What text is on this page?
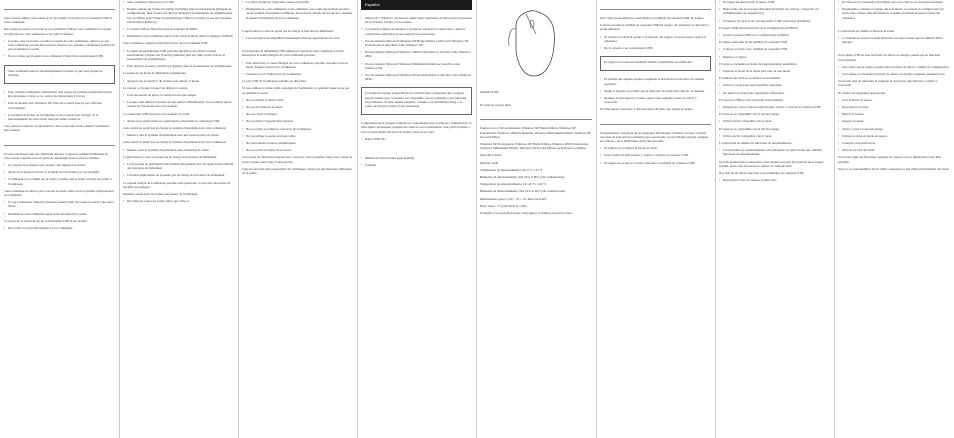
Vous pouvez utiliser cette souris en la raccordant à la borne de raccordement USB de votre ordinateur.

Raccordez-les souris à la borne de raccordement USB de votre ordinateur. La souris est détectée par votre ordinateur et est prête à l'emploi.

• Lorsque vous raccordez ou retirez la souris de votre ordinateur, veillez à ce que votre ordinateur soit mis hors tension. Dans le cas contraire, l'ordinateur pourrait ne pas reconnaître la souris.
• Ne raccordez pas la souris à un ordinateur à l'aide d'un concentrateur USB.

Votre ordinateur détecte automatiquement la souris, ce qui vous permet de l'utiliser.

• Pour certains ordinateurs, l'installation d'un disque de système d'exploitation peut être nécessaire. Dans ce cas, suivez les instructions à l'écran.
• Pour le modèle avec Windows XP, l'état de la souris peut ne pas s'afficher correctement.
• La position de l'icône de l'ordinateur ou de la souris peut changer. Si le fonctionnement de cette souris n'est pas stable, retirez-la.

Vous pouvez connecter ou déconnecter cette souris sans avoir à mettre l'ordinateur hors tension.

Si vous rencontrez l'une des difficultés décrites ci-dessous pendant l'utilisation de votre souris, reportez-vous au guide de dépannage pour trouver la solution.

• Le curseur ne se déplace pas lorsque vous déplacez la souris.
• Après avoir ajouté la souris, le pointeur ne fonctionne pas correctement.
• L'ordinateur ne reconnaît pas la souris. Vérifiez que la souris est bien raccordée à l'ordinateur.

Votre ordinateur ne détecte pas la souris en mode veille ou si le système d'exploitation est redémarré.

• Si votre ordinateur comporte plusieurs bornes USB, raccordez la souris à une autre borne.
• Redémarrez votre ordinateur après avoir déconnecté la souris.

La souris ne se trouve ni sur un concentrateur USB ni sur un hub.

• Raccordez la souris directement à votre ordinateur.
• Votre ordinateur détecte le port USB.
• Double-cliquez sur l'icône [Système] (Système) dans [Control Panel] (Panneau de configuration), puis cliquez sur [Device Manager] (Gestionnaire de périphériques). Si [!] s'affiche pour l'icône du périphérique USB ou si l'icône n'a pas été reconnue, sélectionnez [Remove].
• Ce pilote USB est désactivé dans les réglages du BIOS.
• Redémarrez votre ordinateur après avoir activé le pilote dans les réglages du BIOS.

Votre ordinateur comporte plus d'une borne de raccordement USB.

• Le pilote du périphérique USB peut être modifié pour rendre la souris fonctionnelle. Cliquez sur [Cancel] (Annuler) puis sur [OK] avant d'ouvrir le Gestionnaire de périphériques.
• Pour détecter la souris, vérifiez les réglages dans le Gestionnaire de périphériques.

La souris est en mode de défilement automatique.

• Appuyez sur la touche F du clavier pour quitter ce mode.

Le curseur se bloque lorsque l'on déplace la souris.

• Il est nécessaire de placer la souris sur un tapis adapté.
• Lorsque vous utilisez la souris sur une surface réfléchissante, il est possible que le curseur ne fonctionne pas correctement.

Le connecteur USB n'est pas correctement raccordé.

• Après avoir quitté toutes les applications, rebranchez le connecteur USB.

Cette souris ne prend pas en charge le système d'exploitation de votre ordinateur.

• Mettez à jour le système d'exploitation pour une version prise en charge.

Cette souris ne prend pas en charge le système d'exploitation de votre ordinateur.

• Mettez à jour le système d'exploitation puis rebranchez la souris.

L'application en cours ne prend pas en charge les fonctions de défilement.

• Les fonctions de défilement fonctionnent uniquement avec les applications utilisant des fonctions de défilement.
• Certaines applications ne prennent pas en charge les fonctions de défilement.

Le curseur intégré de l'ordinateur portable reste prioritaire. Il peut être nécessaire de modifier les réglages.

Plusieurs souris sont raccordées aux bornes de l'ordinateur.

• Déconnectez toutes les souris autres que celle-ci.
• Le pilote d'utilitaire d'une autre souris est installé.
• Désinstallez-le, puis redémarrez votre ordinateur. Les souris nécessitent un pilote ou un système d'exploitation différent. Pour plus de détails sur le logiciel, consultez le manuel d'utilisation de votre ordinateur.

L'application en cours ne prend pas en charge la fonction de défilement.

• Les fonctions sont disponibles uniquement dans les applications en cours.

Les fonctions de défilement USB utilisent les fonctions d'un ordinateur portable. Désactivez la souris intégrée de votre ordinateur portable.

• Pour désactiver la souris intégrée de votre ordinateur portable, reportez-vous au mode d'emploi fourni avec l'ordinateur.
• Touchez le port USB du dos de l'ordinateur.

Le port USB de l'ordinateur portable est désactivé.

Si vous utilisez le mode veille prolongée de l'ordinateur, le système risque de ne pas reconnaître la souris.

• Ne pas utiliser le mode veille.
• Ne pas déconnecter la souris.
• Ne pas retirer la batterie.
• Ne pas mettre l'appareil hors tension.
• Ne pas ouvrir et fermer le couvercle de l'ordinateur.
• Ne pas utiliser la souris en mode veille.
• Ne pas brancher d'autres périphériques.
• Ne pas ouvrir le boîtier de la souris.

Si la souris ne fonctionne toujours pas, contactez votre revendeur Sony ou le centre de service après-vente Sony le plus proche.

Sony ne peut être tenu responsable des dommages causés par une mauvaise utilisation de la souris.

Español
• Microsoft y Windows son marcas comerciales registradas de Microsoft Corporation en los Estados Unidos y otros países.
• Los demás nombres de sistemas y productos son marcas comerciales o marcas comerciales registradas de sus respectivos propietarios.
• En este manual, Microsoft Windows XP Home Edition y Microsoft Windows XP Professional se describen como Windows XP.
• En este manual, Microsoft Windows 2000 Professional se describe como Windows 2000.
• En este manual, Microsoft Windows Millennium Edition se describe como Windows Me.
• En este manual, Microsoft Windows 98 Second Edition se describe como Windows 98SE.

La forma del equipo podría diferir de la ilustración. Compruebe que el equipo proporcionado para su modelo sea compatible con su ordenador y que funcione sin problemas. Si tiene alguna pregunta, consulte a su distribuidor Sony o al centro de servicio técnico Sony autorizado.

Compruebe que el paquete contiene los componentes que se indican a continuación. Si falta algún componente, póngase en contacto con el distribuidor Sony más próximo o con el representante del servicio técnico Sony de su zona.

• Ratón SMU-SL1
• Manual de instrucciones (este manual)
• Garantía

Terminal USB

El ratón no es para pilas.

Equipos con el SO preinstalado: Windows XP Home Edition, Windows XP Professional, Windows 2000 Professional, Windows Millennium Edition, Windows 98 Second Edition.

Windows XP Professional, Windows XP Home Edition, Windows 2000 Professional, Windows Millennium Edition, Windows 98 Second Edition (actualizado al último).

Especificaciones

Interfaz: USB

Temperatura de funcionamiento: De 0 °C a 35 °C

Humedad de funcionamiento: Del 20% al 80% (sin condensación)

Temperatura de almacenamiento: De -20 °C a 60 °C

Humedad de almacenamiento: Del 10% al 90% (sin condensación)

Dimensiones (aprox.): 60 × 33 × 111 mm (an/al/prf)

Peso: Aprox. 77 g (incluido el cable)

El diseño y las especificaciones están sujetos a cambios sin previo aviso.

Este ratón puede utilizarse conectándolo al terminal de conexión USB del equipo.

Conecte el ratón al terminal de conexión USB del equipo. El ordenador lo detectará y podrá utilizarlo.

• Al conectar el ratón al equipo o al retirarlo del equipo, no es necesario apagar el ordenador.
• No lo conecte a un concentrador USB.

El equipo lo reconocerá automáticamente, permitiendo su utilización.

• Es posible que algunos equipos requieran la instalación de un disco de sistema operativo.
• Según el modelo, es posible que el indicador de estado del ratón no se muestre.
• Después de desconectar el ratón, espere unos segundos antes de volver a conectarlo.

El ratón puede conectarse y desconectarse sin tener que apagar el equipo.

Si experimenta cualquiera de las siguientes dificultades al utilizar el ratón, consulte esta guía de solución de problemas para resolverlas. Si el problema persiste, póngase en contacto con el distribuidor Sony más próximo.

• El puntero no se mueve al mover el ratón.
• Cierre todas las aplicaciones y vuelva a conectar el conector USB.
• El equipo no reconoce el ratón conectado al terminal de conexión USB.
• El equipo ha desactivado el puerto USB.
• Haga doble clic en el icono [Sistema] del [Panel de control], y haga clic en [Administrador de dispositivos].
• Si aparece [!] en el icono del dispositivo USB, seleccione [Eliminar].

El puerto USB está desactivado en la configuración del BIOS.

• Active el puerto USB en la configuración del BIOS.

El equipo tiene más de un terminal de conexión USB.

• Conecte el ratón a otro terminal de conexión USB.
• Reinicie el equipo.

El ratón se encuentra en modo de desplazamiento automático.

• Presione el botón de la rueda para salir de este modo.

El puntero del ratón no se mueve correctamente.

• Utilice el ratón sobre una superficie adecuada.
• No utilice el ratón sobre superficies reflectantes.

El conector USB no está conectado correctamente.

• Después de cerrar todas las aplicaciones, vuelva a conectar el conector USB.

El ratón no es compatible con el SO del equipo.

• Utilice un SO compatible con el ratón.

El ratón no es compatible con el SO del equipo.

• Utilice un SO compatible con el ratón.

La aplicación no admite las funciones de desplazamiento.

• Las funciones de desplazamiento sólo funcionan en aplicaciones que admitan funciones de desplazamiento.

Si se ha preinstalado el dispositivo para apuntar que está incorporado en el equipo portátil, puede que sea necesario ajustar la configuración.

Hay más de un ratón conectado a los terminales de conexión USB.

• Desconecte todos los ratones excepto éste.
• El software de controlador de utilidad para otro ratón ya se encuentra instalado.
• Desinstálelo y reinicie el equipo. De este modo, se restaura la configuración del ratón. Para obtener más información, consulte el manual de instrucciones del ordenador.

La aplicación no admite la función de zoom.

• La función de zoom no puede utilizarse con aplicaciones que no admitan dicha función.

Si el equipo USB no sale del modo de ahorro de energía, puede que no funcione correctamente.

• Para evitar que el equipo portátil entre en modo de ahorro, cambie su configuración.
• Si el equipo se encuentra en modo de ahorro de energía, presione cualquier tecla.

Si el ratón deja de funcionar al reanudar la operación, desconéctelo y vuelva a conectarlo.

No realice las siguientes operaciones:

• Usar el modo en espera.
• Desconectar el ratón.
• Retirar la batería.
• Apagar el equipo.
• Abrir y cerrar la tapa del equipo.
• Utilizar el ratón en modo en espera.
• Conectar otros periféricos.
• Abrir la carcasa del ratón.

Si el ratón sigue sin funcionar, póngase en contacto con el distribuidor Sony más próximo.

Sony no se responsabiliza de los daños causados por una utilización indebida del ratón.
